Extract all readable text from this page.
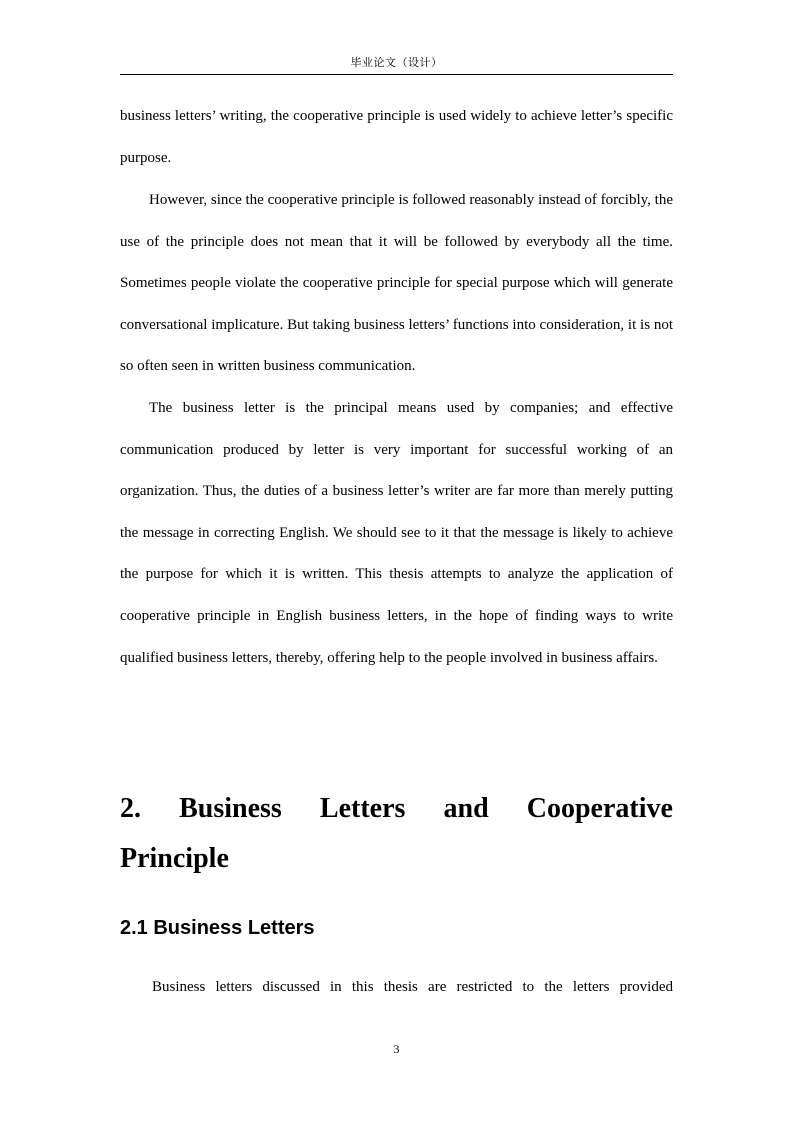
毕业论文（设计）

business letters’ writing, the cooperative principle is used widely to achieve letter’s specific purpose.

However, since the cooperative principle is followed reasonably instead of forcibly, the use of the principle does not mean that it will be followed by everybody all the time. Sometimes people violate the cooperative principle for special purpose which will generate conversational implicature. But taking business letters’ functions into consideration, it is not so often seen in written business communication.

The business letter is the principal means used by companies; and effective communication produced by letter is very important for successful working of an organization. Thus, the duties of a business letter’s writer are far more than merely putting the message in correcting English. We should see to it that the message is likely to achieve the purpose for which it is written. This thesis attempts to analyze the application of cooperative principle in English business letters, in the hope of finding ways to write qualified business letters, thereby, offering help to the people involved in business affairs.

2. Business Letters and Cooperative
Principle
2.1 Business Letters

Business letters discussed in this thesis are restricted to the letters provided

3
